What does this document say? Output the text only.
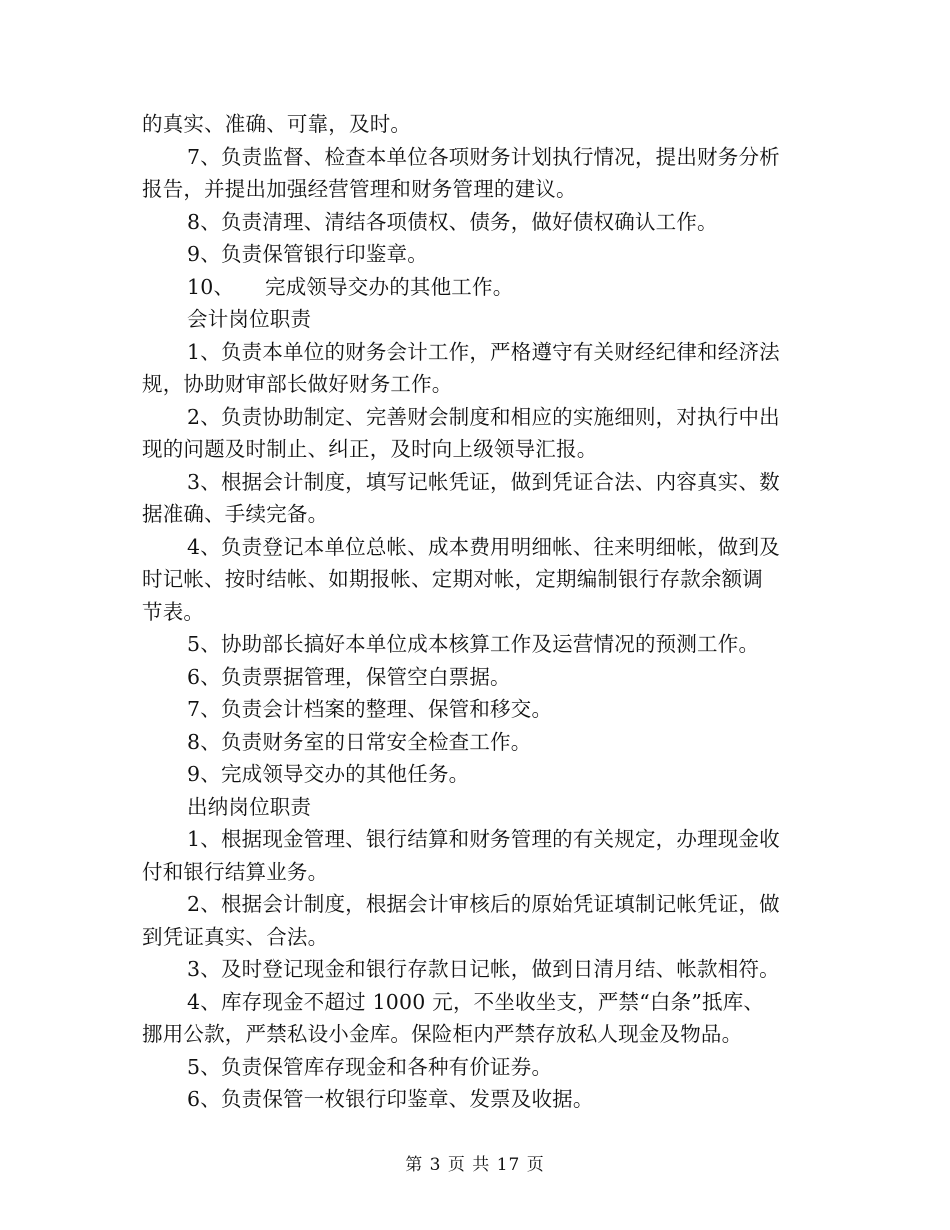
的真实、准确、可靠，及时。
7、负责监督、检查本单位各项财务计划执行情况，提出财务分析
报告，并提出加强经营管理和财务管理的建议。
8、负责清理、清结各项债权、债务，做好债权确认工作。
9、负责保管银行印鉴章。
10、 完成领导交办的其他工作。
会计岗位职责
1、负责本单位的财务会计工作，严格遵守有关财经纪律和经济法
规，协助财审部长做好财务工作。
2、负责协助制定、完善财会制度和相应的实施细则，对执行中出
现的问题及时制止、纠正，及时向上级领导汇报。
3、根据会计制度，填写记帐凭证，做到凭证合法、内容真实、数
据准确、手续完备。
4、负责登记本单位总帐、成本费用明细帐、往来明细帐，做到及
时记帐、按时结帐、如期报帐、定期对帐，定期编制银行存款余额调
节表。
5、协助部长搞好本单位成本核算工作及运营情况的预测工作。
6、负责票据管理，保管空白票据。
7、负责会计档案的整理、保管和移交。
8、负责财务室的日常安全检查工作。
9、完成领导交办的其他任务。
出纳岗位职责
1、根据现金管理、银行结算和财务管理的有关规定，办理现金收
付和银行结算业务。
2、根据会计制度，根据会计审核后的原始凭证填制记帐凭证，做
到凭证真实、合法。
3、及时登记现金和银行存款日记帐，做到日清月结、帐款相符。
4、库存现金不超过 1000 元，不坐收坐支，严禁“白条”抵库、
挪用公款，严禁私设小金库。保险柜内严禁存放私人现金及物品。
5、负责保管库存现金和各种有价证券。
6、负责保管一枚银行印鉴章、发票及收据。
第 3 页 共 17 页
